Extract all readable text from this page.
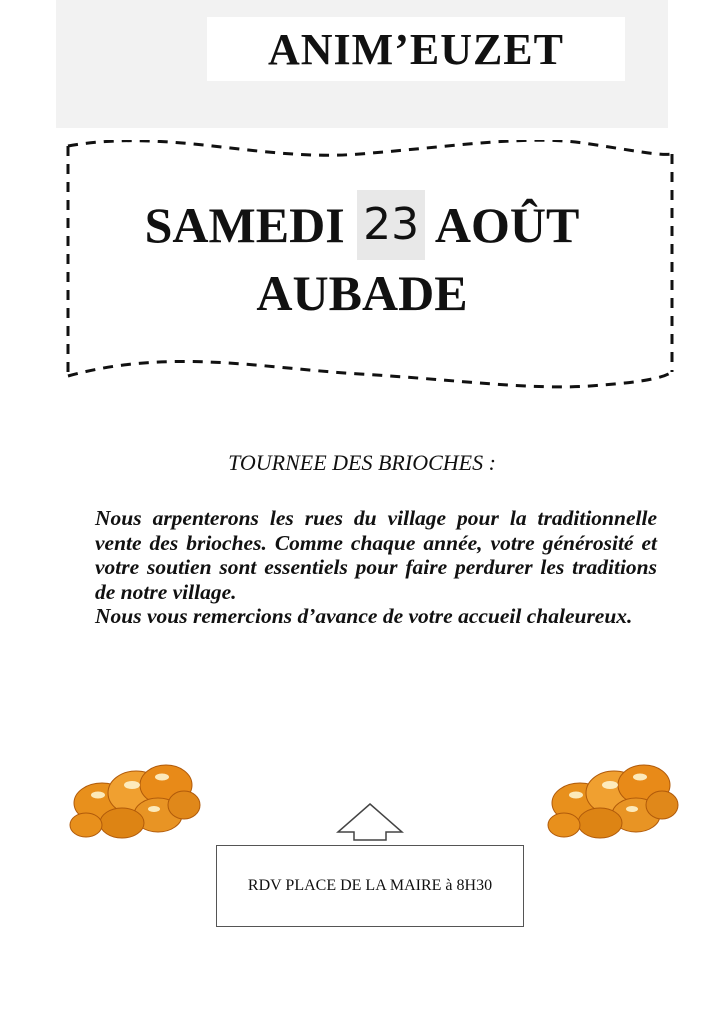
ANIM’EUZET
SAMEDI 23 AOÛT
AUBADE
TOURNEE DES BRIOCHES :

Nous arpenterons les rues du village pour la traditionnelle vente des brioches. Comme chaque année, votre générosité et votre soutien sont essentiels pour faire perdurer les traditions de notre village.

Nous vous remercions d’avance de votre accueil chaleureux.

RDV PLACE DE LA MAIRE à 8H30
